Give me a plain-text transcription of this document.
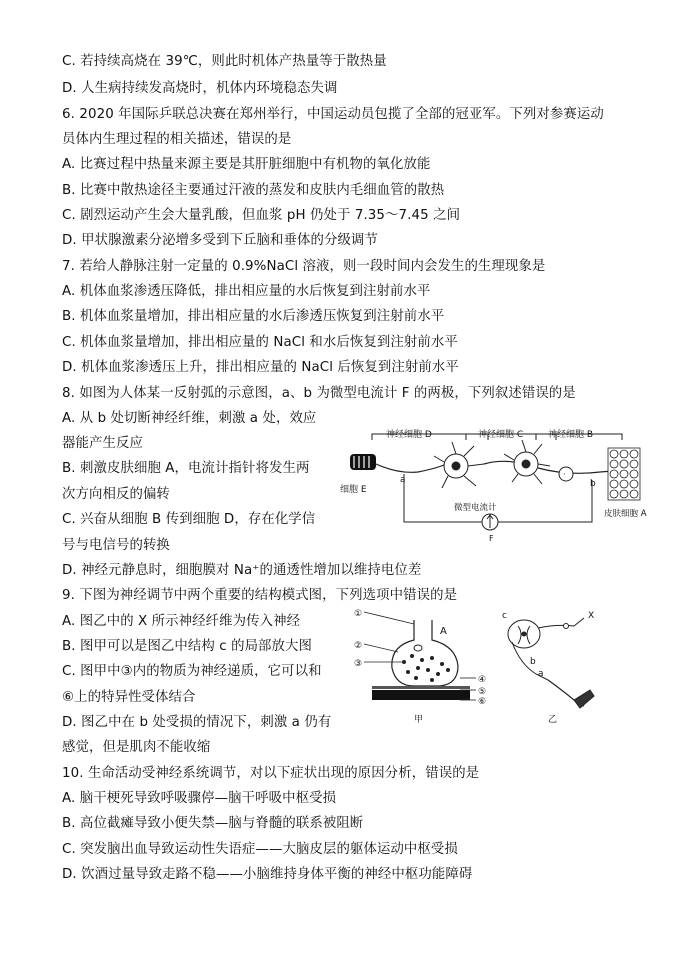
C. 若持续高烧在 39℃，则此时机体产热量等于散热量
D. 人生病持续发高烧时，机体内环境稳态失调
6. 2020 年国际乒联总决赛在郑州举行，中国运动员包揽了全部的冠亚军。下列对参赛运动
员体内生理过程的相关描述，错误的是
A. 比赛过程中热量来源主要是其肝脏细胞中有机物的氧化放能
B. 比赛中散热途径主要通过汗液的蒸发和皮肤内毛细血管的散热
C. 剧烈运动产生会大量乳酸，但血浆 pH 仍处于 7.35～7.45 之间
D. 甲状腺激素分泌增多受到下丘脑和垂体的分级调节
7. 若给人静脉注射一定量的 0.9%NaCl 溶液，则一段时间内会发生的生理现象是
A. 机体血浆渗透压降低，排出相应量的水后恢复到注射前水平
B. 机体血浆量增加，排出相应量的水后渗透压恢复到注射前水平
C. 机体血浆量增加，排出相应量的 NaCl 和水后恢复到注射前水平
D. 机体血浆渗透压上升，排出相应量的 NaCl 后恢复到注射前水平
8. 如图为人体某一反射弧的示意图，a、b 为微型电流计 F 的两极，下列叙述错误的是
A. 从 b 处切断神经纤维，刺激 a 处，效应
器能产生反应
B. 刺激皮肤细胞 A，电流计指针将发生两
次方向相反的偏转
C. 兴奋从细胞 B 传到细胞 D，存在化学信
号与电信号的转换
D. 神经元静息时，细胞膜对 Na⁺的通透性增加以维持电位差
9. 下图为神经调节中两个重要的结构模式图，下列选项中错误的是
A. 图乙中的 X 所示神经纤维为传入神经
B. 图甲可以是图乙中结构 c 的局部放大图
C. 图甲中③内的物质为神经递质，它可以和
⑥上的特异性受体结合
D. 图乙中在 b 处受损的情况下，刺激 a 仍有
感觉，但是肌肉不能收缩
10. 生命活动受神经系统调节，对以下症状出现的原因分析，错误的是
A. 脑干梗死导致呼吸骤停—脑干呼吸中枢受损
B. 高位截瘫导致小便失禁—脑与脊髓的联系被阻断
C. 突发脑出血导致运动性失语症——大脑皮层的躯体运动中枢受损
D. 饮酒过量导致走路不稳——小脑维持身体平衡的神经中枢功能障碍
神经细胞 D	神经细胞 C	神经细胞 B
细胞 E
a
·
b
皮肤细胞 A
微型电流计
F
①
②
③
④
⑤
⑥
A
甲
c	X
a
b
乙
